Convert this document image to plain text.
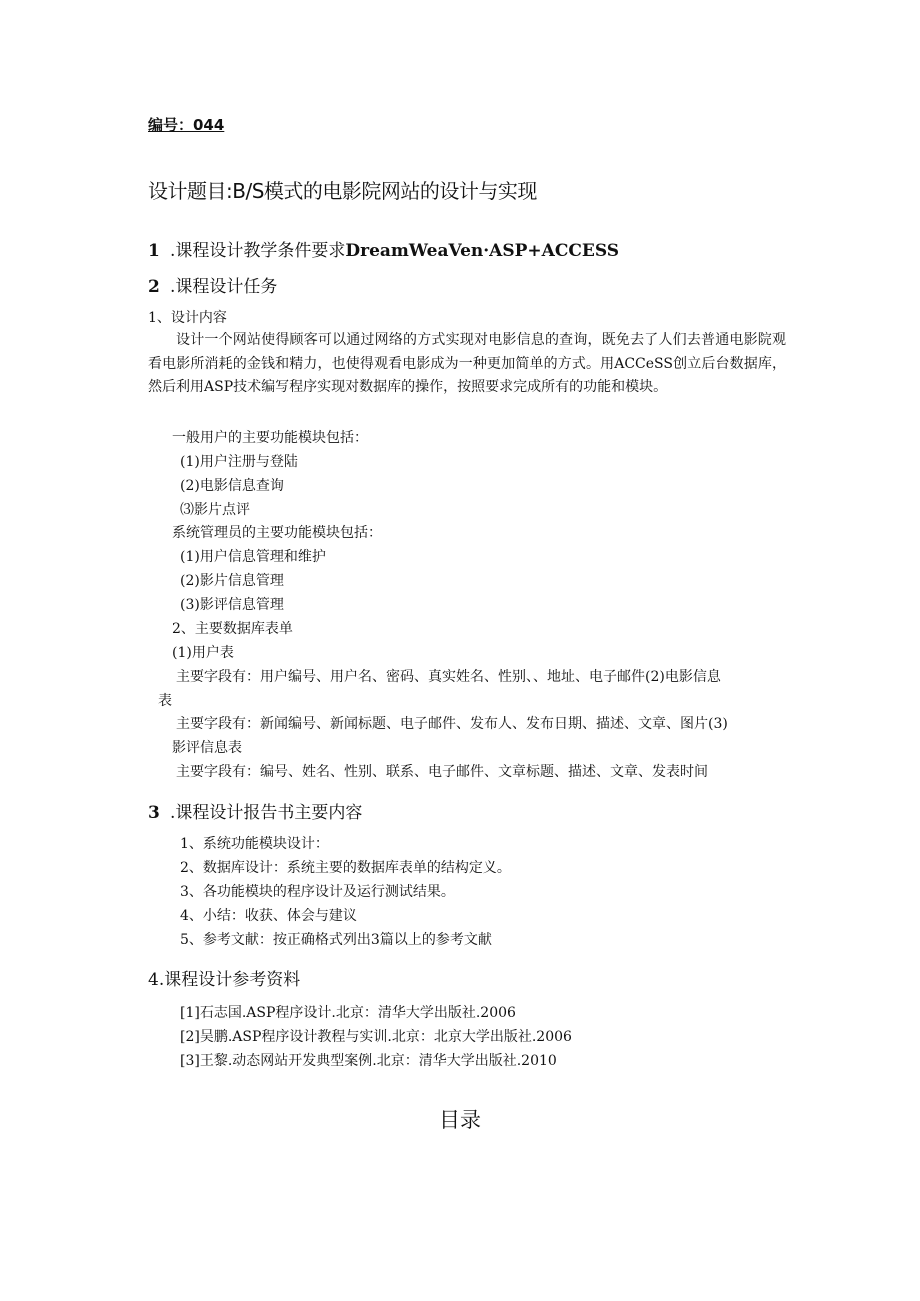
编号：044
设计题目:B/S模式的电影院网站的设计与实现
1 .课程设计教学条件要求DreamWeaVen·ASP+ACCESS
2 .课程设计任务
1、设计内容
设计一个网站使得顾客可以通过网络的方式实现对电影信息的查询，既免去了人们去普通电影院观看电影所消耗的金钱和精力，也使得观看电影成为一种更加简单的方式。用ACCeSS创立后台数据库，然后利用ASP技术编写程序实现对数据库的操作，按照要求完成所有的功能和模块。
一般用户的主要功能模块包括：
(1)用户注册与登陆
(2)电影信息查询
⑶影片点评
系统管理员的主要功能模块包括：
(1)用户信息管理和维护
(2)影片信息管理
(3)影评信息管理
2、主要数据库表单
(1)用户表
主要字段有：用户编号、用户名、密码、真实姓名、性别、、地址、电子邮件(2)电影信息
表
主要字段有：新闻编号、新闻标题、电子邮件、发布人、发布日期、描述、文章、图片(3)
影评信息表
主要字段有：编号、姓名、性别、联系、电子邮件、文章标题、描述、文章、发表时间
3 .课程设计报告书主要内容
1、系统功能模块设计：
2、数据库设计：系统主要的数据库表单的结构定义。
3、各功能模块的程序设计及运行测试结果。
4、小结：收获、体会与建议
5、参考文献：按正确格式列出3篇以上的参考文献
4.课程设计参考资料
[1]石志国.ASP程序设计.北京：清华大学出版社.2006
[2]吴鹏.ASP程序设计教程与实训.北京：北京大学出版社.2006
[3]王黎.动态网站开发典型案例.北京：清华大学出版社.2010
目录
